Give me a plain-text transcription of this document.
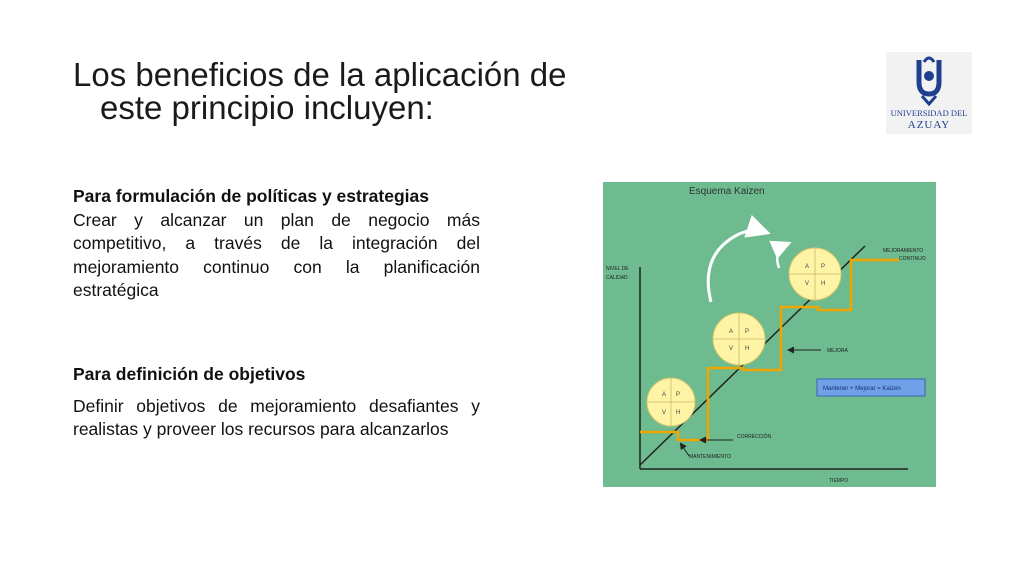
Los beneficios de la aplicación de
este principio incluyen:	UNIVERSIDAD DEL
AZUAY
Para formulación de políticas y estrategias
Crear y alcanzar un plan de negocio más competitivo, a través de la integración del mejoramiento continuo con la planificación estratégica
Para definición de objetivos
Definir objetivos de mejoramiento desafiantes y realistas y proveer los recursos para alcanzarlos
Esquema Kaizen
NIVEL DE
CALIDAD
TIEMPO
A P
V H
A P
V H
A P
V H
MEJORAMIENTO
CONTINUO
MEJORA
Mantener + Mejorar = Kaizen
CORRECCIÓN
MANTENIMIENTO
